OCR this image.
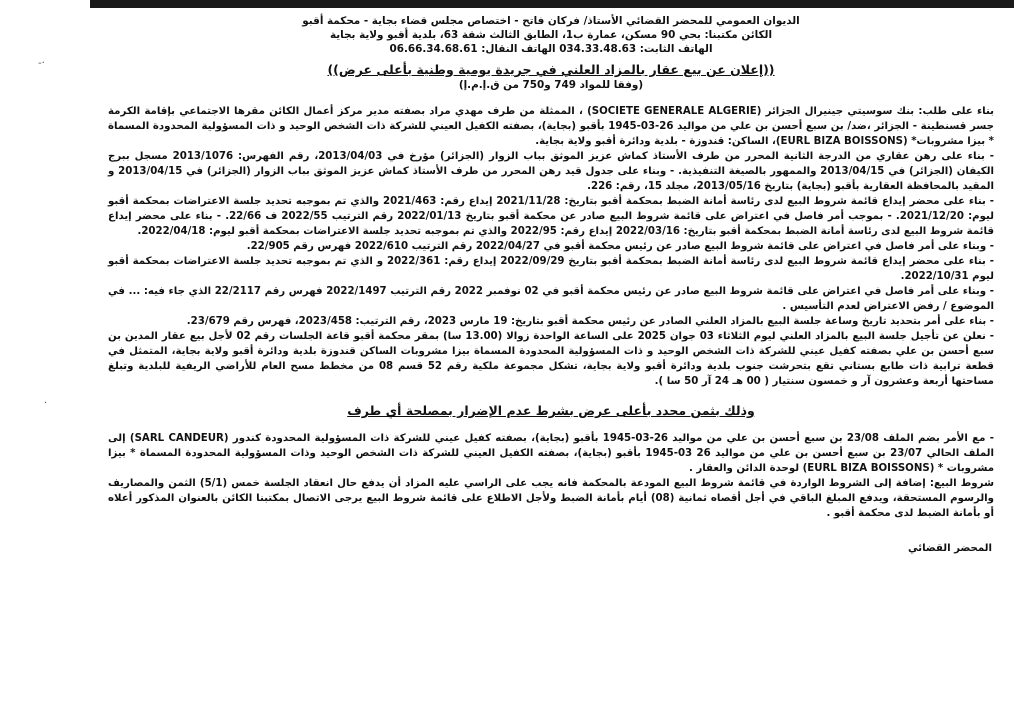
-·
·
الديوان العمومي للمحضر القضائي الأستاذ/ فركان فاتح - اختصاص مجلس قضاء بجاية - محكمة أقبو
الكائن مكتبنا: بحي 90 مسكن، عمارة ب1، الطابق الثالث شقة 63، بلدية أقبو ولاية بجاية
الهاتف الثابت: 034.33.48.63 الهاتف النقال: 06.66.34.68.61
((إعلان عن بيع عقار بالمزاد العلني في جريدة يومية وطنية بأعلى عرض))
(وفقا للمواد 749 و750 من ق.إ.م.إ)

بناء على طلب: بنك سوسيتي جينيرال الجزائر (SOCIETE GENERALE ALGERIE) ، الممثلة من طرف مهدي مراد بصفته مدير مركز أعمال الكائن مقرها الاجتماعي بإقامة الكرمة جسر قسنطينة - الجزائر ،ضد/ بن سبع أحسن بن علي من مواليد 26-03-1945 بأقبو (بجاية)، بصفته الكفيل العيني للشركة ذات الشخص الوحيد و ذات المسؤولية المحدودة المسماة * بيزا مشروبات* (EURL BIZA BOISSONS)، الساكن: قندوزة - بلدية ودائرة أقبو ولاية بجاية.

- بناء على رهن عقاري من الدرجة الثانية المحرر من طرف الأستاذ كماش عزيز الموثق بباب الزوار (الجزائر) مؤرخ في 2013/04/03، رقم الفهرس: 2013/1076 مسجل ببرج الكيفان (الجزائر) في 2013/04/15 والممهور بالصيغة التنفيذية. - وبناء على جدول قيد رهن المحرر من طرف الأستاذ كماش عزيز الموثق بباب الزوار (الجزائر) في 2013/04/15 و المقيد بالمحافظة العقارية بأقبو (بجاية) بتاريخ 2013/05/16، مجلد 15، رقم: 226.

- بناء على محضر إيداع قائمة شروط البيع لدى رئاسة أمانة الضبط بمحكمة أقبو بتاريخ: 2021/11/28 إيداع رقم: 2021/463 والذي تم بموجبه تحديد جلسة الاعتراضات بمحكمة أقبو ليوم: 2021/12/20. - بموجب أمر فاصل في اعتراض على قائمة شروط البيع صادر عن محكمة أقبو بتاريخ 2022/01/13 رقم الترتيب 2022/55 ف 22/66. - بناء على محضر إيداع قائمة شروط البيع لدى رئاسة أمانة الضبط بمحكمة أقبو بتاريخ: 2022/03/16 إيداع رقم: 2022/95 والذي تم بموجبه تحديد جلسة الاعتراضات بمحكمة أقبو ليوم: 2022/04/18.

- وبناء على أمر فاصل في اعتراض على قائمة شروط البيع صادر عن رئيس محكمة أقبو في 2022/04/27 رقم الترتيب 2022/610 فهرس رقم 22/905.

- بناء على محضر إيداع قائمة شروط البيع لدى رئاسة أمانة الضبط بمحكمة أقبو بتاريخ 2022/09/29 إيداع رقم: 2022/361 و الذي تم بموجبه تحديد جلسة الاعتراضات بمحكمة أقبو ليوم 2022/10/31.

- وبناء على أمر فاصل في اعتراض على قائمة شروط البيع صادر عن رئيس محكمة أقبو في 02 نوفمبر 2022 رقم الترتيب 2022/1497 فهرس رقم 22/2117 الذي جاء فيه: ... في الموضوع / رفض الاعتراض لعدم التأسيس .

- بناء على أمر بتحديد تاريخ وساعة جلسة البيع بالمزاد العلني الصادر عن رئيس محكمة أقبو بتاريخ: 19 مارس 2023، رقم الترتيب: 2023/458، فهرس رقم 23/679.

- نعلن عن تأجيل جلسة البيع بالمزاد العلني ليوم الثلاثاء 03 جوان 2025 على الساعة الواحدة زوالا (13.00 سا) بمقر محكمة أقبو قاعة الجلسات رقم 02 لأجل بيع عقار المدين بن سبع أحسن بن علي بصفته كفيل عيني للشركة ذات الشخص الوحيد و ذات المسؤولية المحدودة المسماة بيزا مشروبات الساكن قندوزة بلدية ودائرة أقبو ولاية بجاية، المتمثل في قطعة ترابية ذات طابع بستاني تقع بتحرشت جنوب بلدية ودائرة أقبو ولاية بجاية، تشكل مجموعة ملكية رقم 52 قسم 08 من مخطط مسح العام للأراضي الريفية للبلدية وتبلغ مساحتها أربعة وعشرون آر و خمسون سنتيار ( 00 هـ 24 آر 50 سا ).

وذلك بثمن محدد بأعلى عرض بشرط عدم الإضرار بمصلحة أي طرف

- مع الأمر بضم الملف 23/08 بن سبع أحسن بن علي من مواليد 26-03-1945 بأقبو (بجاية)، بصفته كفيل عيني للشركة ذات المسؤولية المحدودة كندور (SARL CANDEUR) إلى الملف الحالي 23/07 بن سبع أحسن بن علي من مواليد 26 03-1945 بأقبو (بجاية)، بصفته الكفيل العيني للشركة ذات الشخص الوحيد وذات المسؤولية المحدودة المسماة * بيزا مشروبات * (EURL BIZA BOISSONS) لوحدة الدائن والعقار .

شروط البيع: إضافة إلى الشروط الواردة في قائمة شروط البيع المودعة بالمحكمة فانه يجب على الراسي عليه المزاد أن يدفع حال انعقاد الجلسة خمس (5/1) الثمن والمصاريف والرسوم المستحقة، ويدفع المبلغ الباقي في أجل أقصاه ثمانية (08) أيام بأمانة الضبط ولأجل الاطلاع على قائمة شروط البيع يرجى الاتصال بمكتبنا الكائن بالعنوان المذكور أعلاه أو بأمانة الضبط لدى محكمة أقبو .

المحضر القضائي
